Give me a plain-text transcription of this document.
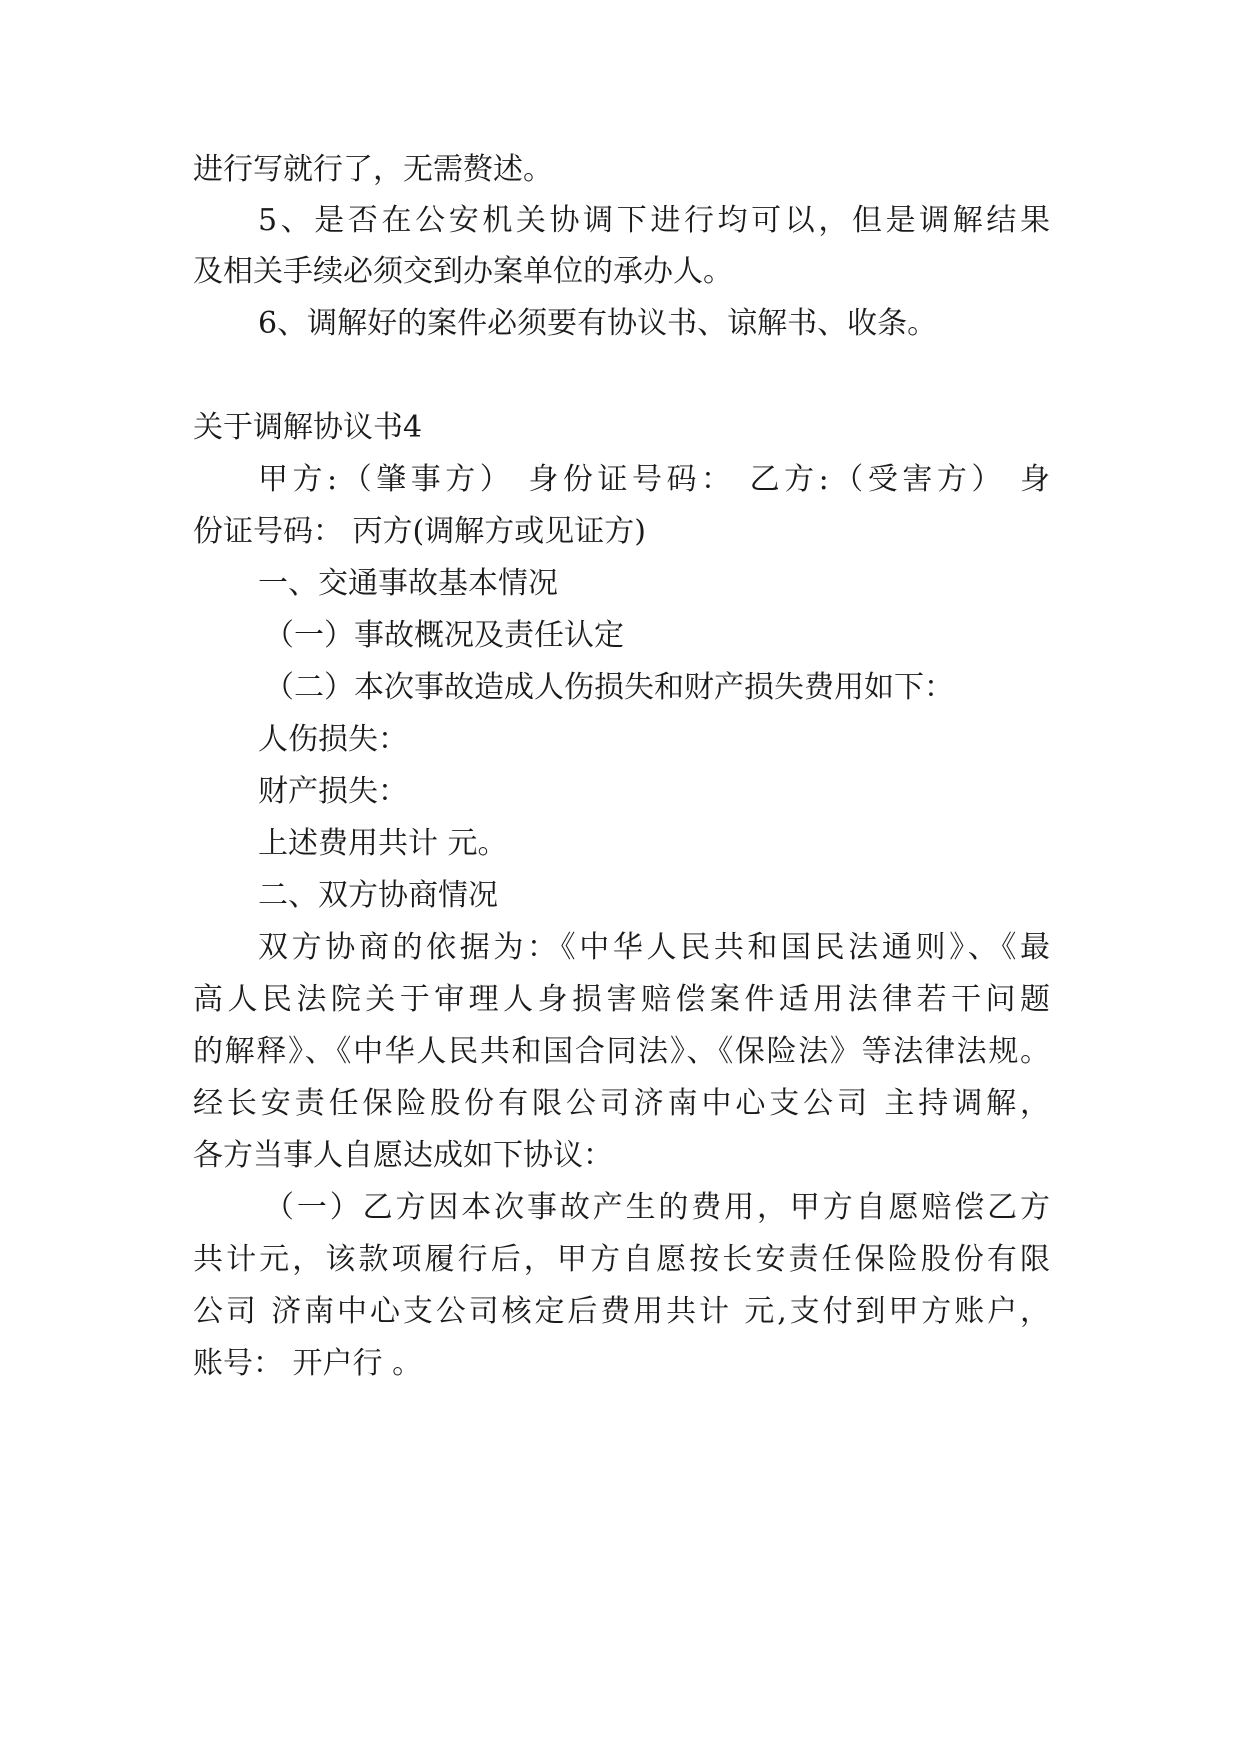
进行写就行了，无需赘述。
5、是否在公安机关协调下进行均可以，但是调解结果
及相关手续必须交到办案单位的承办人。
6、调解好的案件必须要有协议书、谅解书、收条。
关于调解协议书4
甲方:（肇事方） 身份证号码： 乙方:（受害方） 身
份证号码： 丙方(调解方或见证方)
一、交通事故基本情况
（一）事故概况及责任认定
（二）本次事故造成人伤损失和财产损失费用如下：
人伤损失：
财产损失：
上述费用共计 元。
二、双方协商情况
双方协商的依据为：《中华人民共和国民法通则》、《最
高人民法院关于审理人身损害赔偿案件适用法律若干问题
的解释》、《中华人民共和国合同法》、《保险法》等法律法规。
经长安责任保险股份有限公司济南中心支公司 主持调解，
各方当事人自愿达成如下协议：
（一）乙方因本次事故产生的费用，甲方自愿赔偿乙方
共计元，该款项履行后，甲方自愿按长安责任保险股份有限
公司 济南中心支公司核定后费用共计 元,支付到甲方账户，
账号： 开户行 。
